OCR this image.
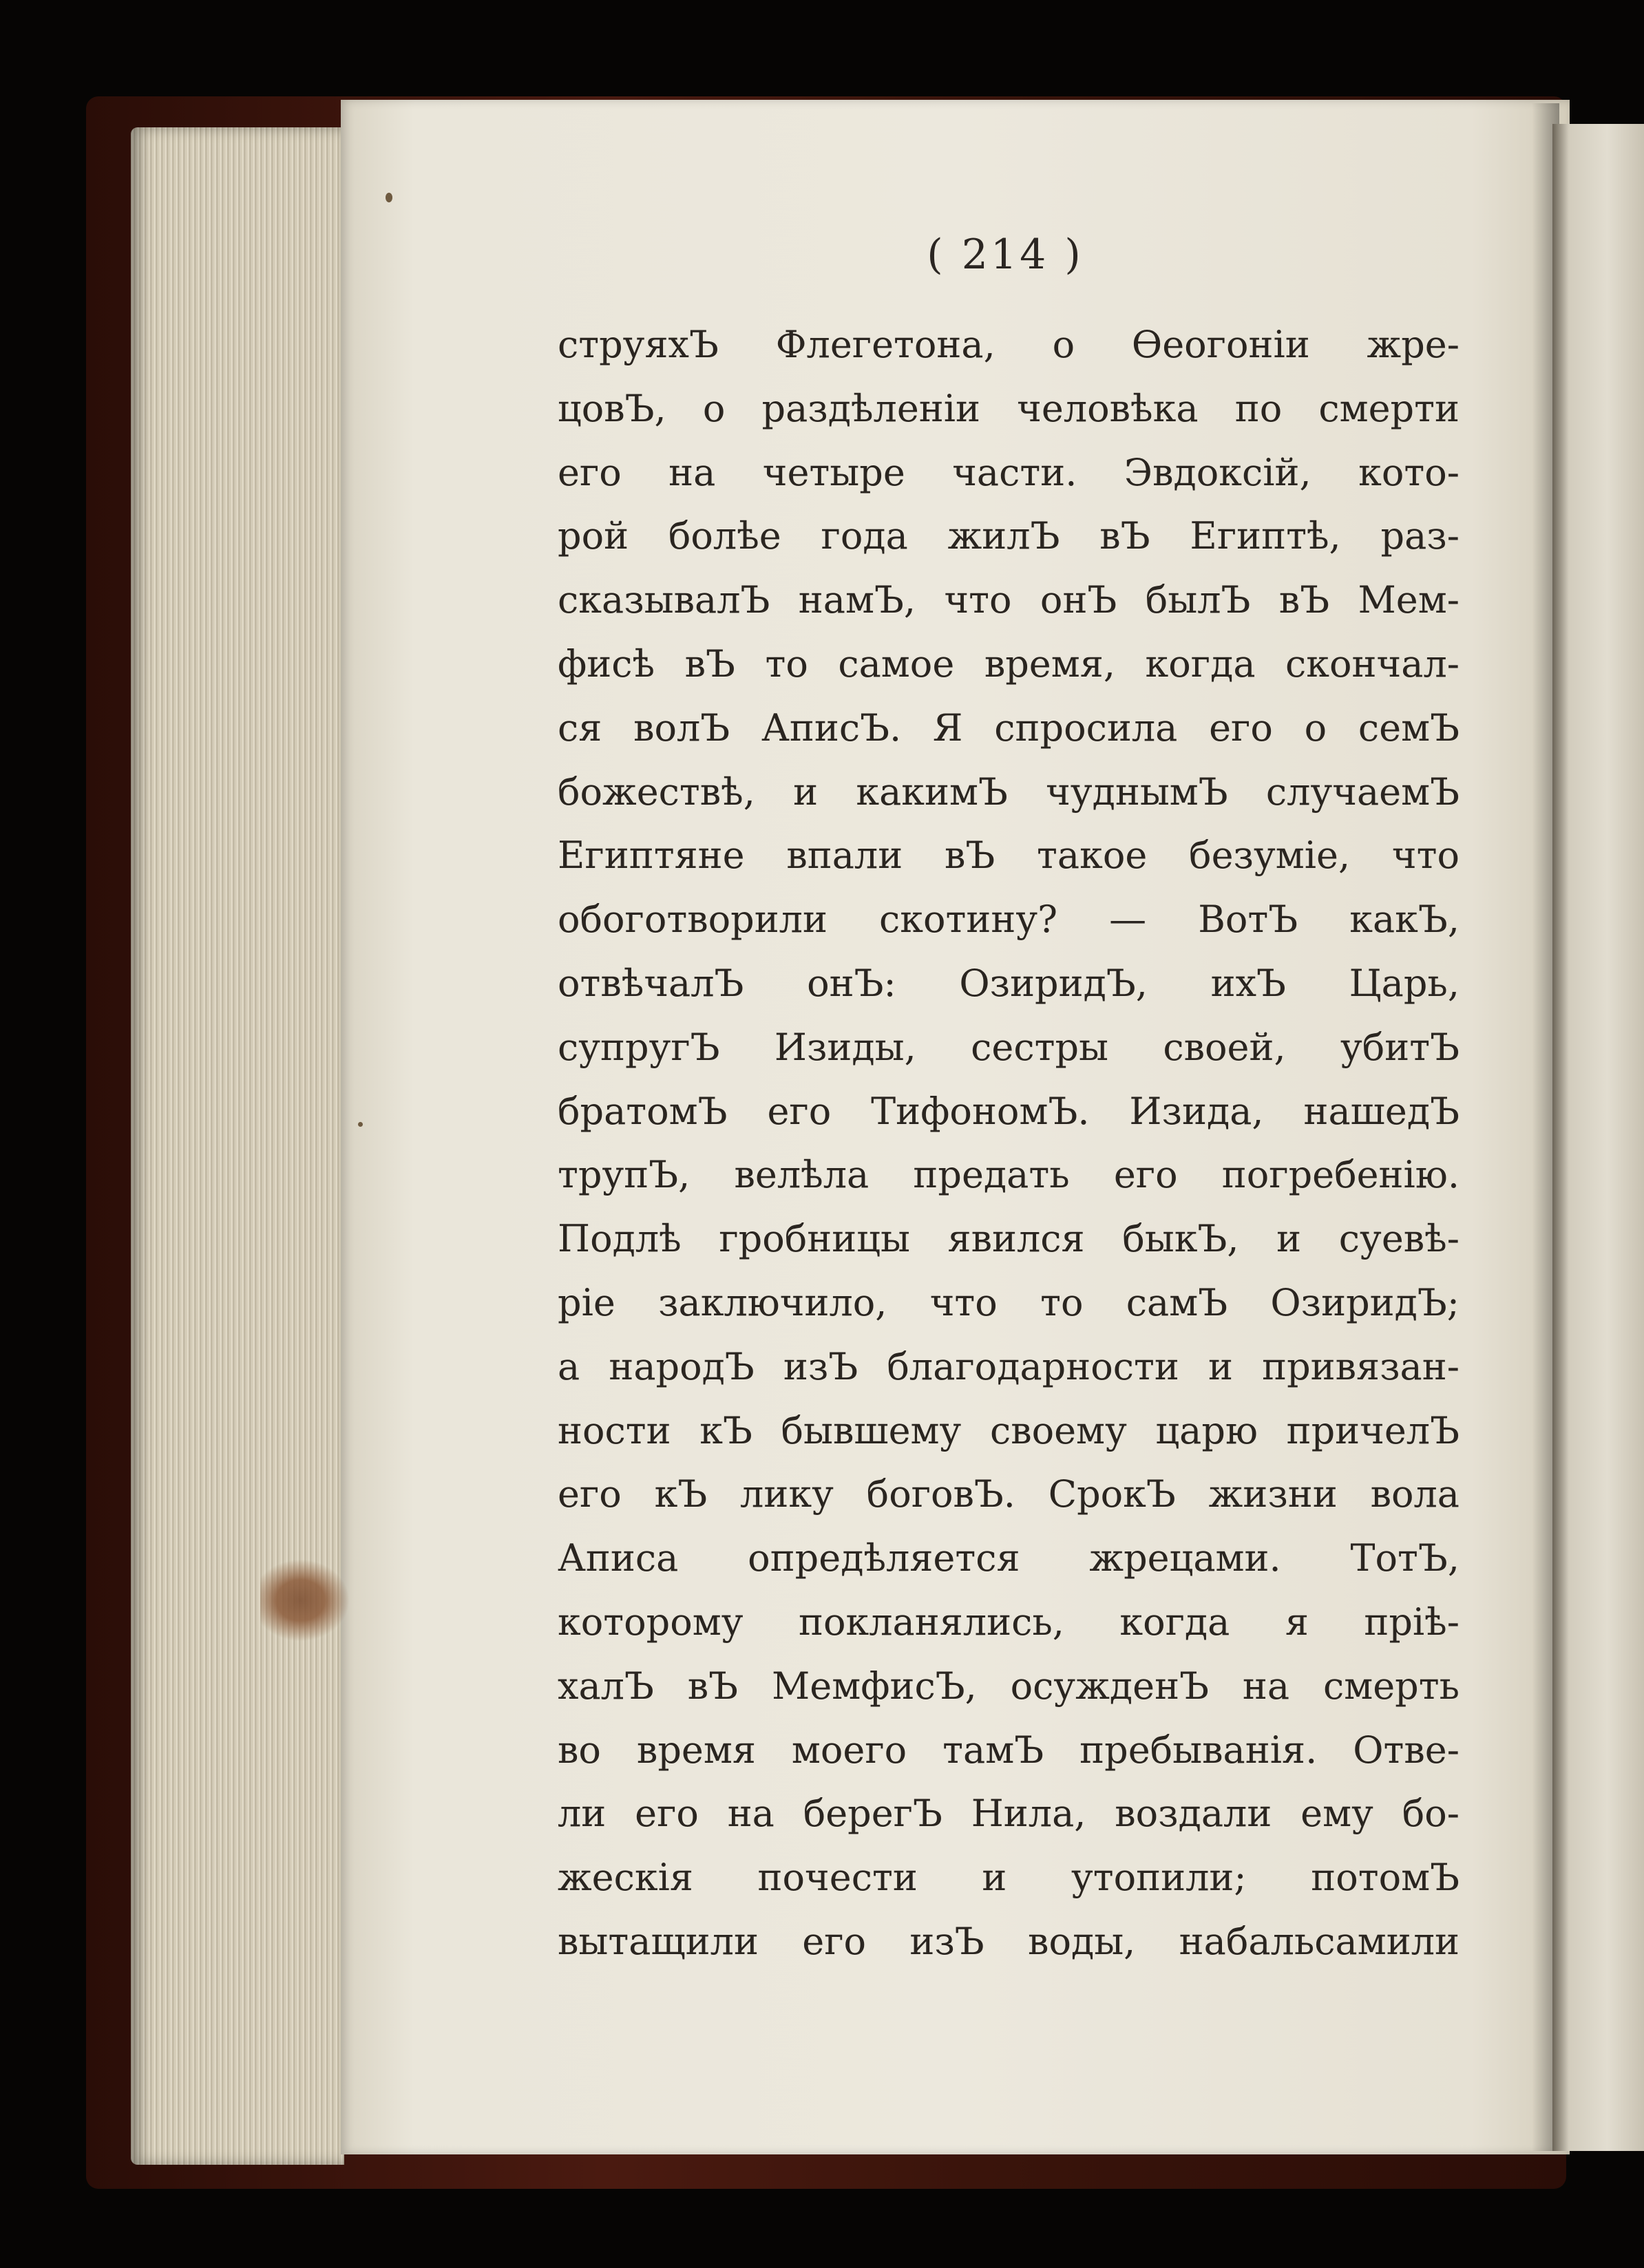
( 214 )
струяхЪ Флегетона, о Ѳеогоніи жре-
цовЪ, о раздѣленіи человѣка по смерти
его на четыре части. Эвдоксій, кото-
рой болѣе года жилЪ вЪ Египтѣ, раз-
сказывалЪ намЪ, что онЪ былЪ вЪ Мем-
фисѣ вЪ то самое время, когда скончал-
ся волЪ АписЪ. Я спросила его о семЪ
божествѣ, и какимЪ чуднымЪ случаемЪ
Египтяне впали вЪ такое безуміе, что
обоготворили скотину? — ВотЪ какЪ,
отвѣчалЪ онЪ: ОзиридЪ, ихЪ Царь,
супругЪ Изиды, сестры своей, убитЪ
братомЪ его ТифономЪ. Изида, нашедЪ
трупЪ, велѣла предать его погребенію.
Подлѣ гробницы явился быкЪ, и суевѣ-
ріе заключило, что то самЪ ОзиридЪ;
а народЪ изЪ благодарности и привязан-
ности кЪ бывшему своему царю причелЪ
его кЪ лику боговЪ. СрокЪ жизни вола
Аписа опредѣляется жрецами. ТотЪ,
которому покланялись, когда я пріѣ-
халЪ вЪ МемфисЪ, осужденЪ на смерть
во время моего тамЪ пребыванія. Отве-
ли его на берегЪ Нила, воздали ему бо-
жескія почести и утопили; потомЪ
вытащили его изЪ воды, набальсамили
